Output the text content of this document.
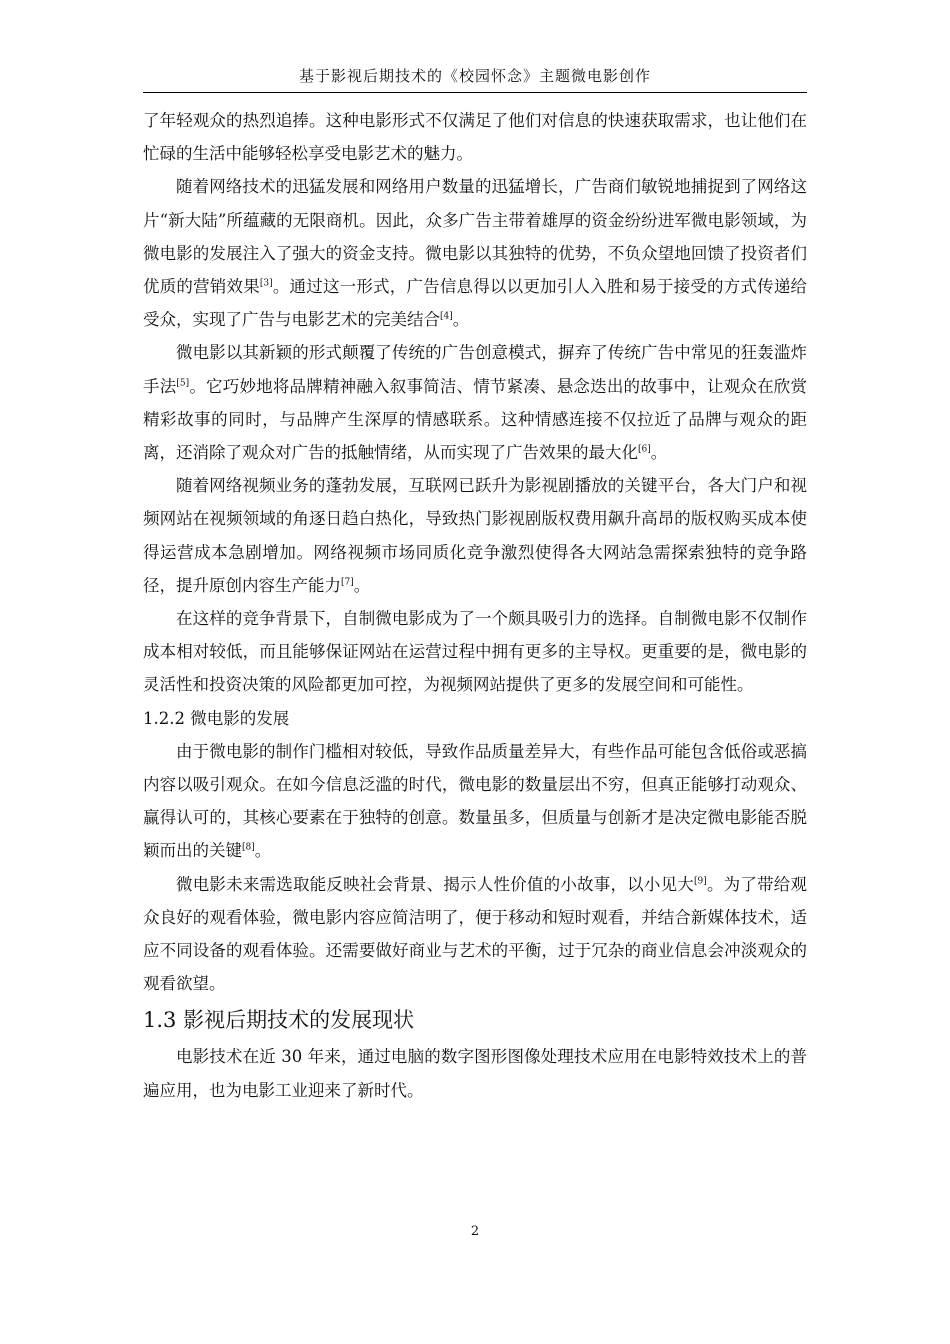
基于影视后期技术的《校园怀念》主题微电影创作

了年轻观众的热烈追捧。这种电影形式不仅满足了他们对信息的快速获取需求，也让他们在忙碌的生活中能够轻松享受电影艺术的魅力。

随着网络技术的迅猛发展和网络用户数量的迅猛增长，广告商们敏锐地捕捉到了网络这片“新大陆”所蕴藏的无限商机。因此，众多广告主带着雄厚的资金纷纷进军微电影领域，为微电影的发展注入了强大的资金支持。微电影以其独特的优势，不负众望地回馈了投资者们优质的营销效果[3]。通过这一形式，广告信息得以以更加引人入胜和易于接受的方式传递给受众，实现了广告与电影艺术的完美结合[4]。

微电影以其新颖的形式颠覆了传统的广告创意模式，摒弃了传统广告中常见的狂轰滥炸手法[5]。它巧妙地将品牌精神融入叙事简洁、情节紧凑、悬念迭出的故事中，让观众在欣赏精彩故事的同时，与品牌产生深厚的情感联系。这种情感连接不仅拉近了品牌与观众的距离，还消除了观众对广告的抵触情绪，从而实现了广告效果的最大化[6]。

随着网络视频业务的蓬勃发展，互联网已跃升为影视剧播放的关键平台，各大门户和视频网站在视频领域的角逐日趋白热化，导致热门影视剧版权费用飙升高昂的版权购买成本使得运营成本急剧增加。网络视频市场同质化竞争激烈使得各大网站急需探索独特的竞争路径，提升原创内容生产能力[7]。

在这样的竞争背景下，自制微电影成为了一个颇具吸引力的选择。自制微电影不仅制作成本相对较低，而且能够保证网站在运营过程中拥有更多的主导权。更重要的是，微电影的灵活性和投资决策的风险都更加可控，为视频网站提供了更多的发展空间和可能性。

1.2.2 微电影的发展

由于微电影的制作门槛相对较低，导致作品质量差异大，有些作品可能包含低俗或恶搞内容以吸引观众。在如今信息泛滥的时代，微电影的数量层出不穷，但真正能够打动观众、赢得认可的，其核心要素在于独特的创意。数量虽多，但质量与创新才是决定微电影能否脱颖而出的关键[8]。

微电影未来需选取能反映社会背景、揭示人性价值的小故事，以小见大[9]。为了带给观众良好的观看体验，微电影内容应简洁明了，便于移动和短时观看，并结合新媒体技术，适应不同设备的观看体验。还需要做好商业与艺术的平衡，过于冗杂的商业信息会冲淡观众的观看欲望。

1.3 影视后期技术的发展现状

电影技术在近 30 年来，通过电脑的数字图形图像处理技术应用在电影特效技术上的普遍应用，也为电影工业迎来了新时代。

2
